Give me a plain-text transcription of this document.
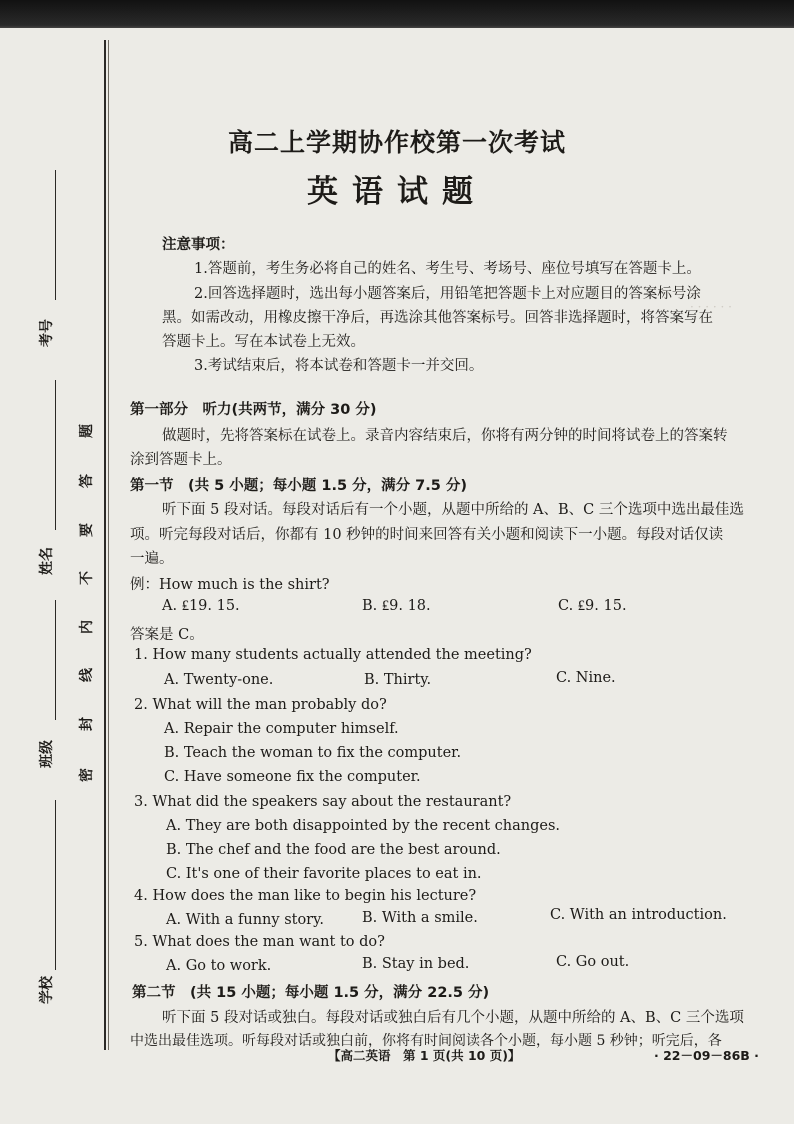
· · · · · ·
考号
姓名
班级
学校
密
封
线
内
不
要
答
题
高二上学期协作校第一次考试
英语试题
注意事项：
1.答题前，考生务必将自己的姓名、考生号、考场号、座位号填写在答题卡上。
2.回答选择题时，选出每小题答案后，用铅笔把答题卡上对应题目的答案标号涂
黑。如需改动，用橡皮擦干净后，再选涂其他答案标号。回答非选择题时，将答案写在
答题卡上。写在本试卷上无效。
3.考试结束后，将本试卷和答题卡一并交回。
第一部分　听力(共两节，满分 30 分)
做题时，先将答案标在试卷上。录音内容结束后，你将有两分钟的时间将试卷上的答案转
涂到答题卡上。
第一节　(共 5 小题；每小题 1.5 分，满分 7.5 分)
听下面 5 段对话。每段对话后有一个小题，从题中所给的 A、B、C 三个选项中选出最佳选
项。听完每段对话后，你都有 10 秒钟的时间来回答有关小题和阅读下一小题。每段对话仅读
一遍。
例：How much is the shirt?
A. ₤19. 15.	B. ₤9. 18.	C. ₤9. 15.
答案是 C。
1. How many students actually attended the meeting?
A. Twenty-one.	B. Thirty.	C. Nine.
2. What will the man probably do?
A. Repair the computer himself.
B. Teach the woman to fix the computer.
C. Have someone fix the computer.
3. What did the speakers say about the restaurant?
A. They are both disappointed by the recent changes.
B. The chef and the food are the best around.
C. It's one of their favorite places to eat in.
4. How does the man like to begin his lecture?
A. With a funny story.	B. With a smile.	C. With an introduction.
5. What does the man want to do?
A. Go to work.	B. Stay in bed.	C. Go out.
第二节　(共 15 小题；每小题 1.5 分，满分 22.5 分)
听下面 5 段对话或独白。每段对话或独白后有几个小题，从题中所给的 A、B、C 三个选项
中选出最佳选项。听每段对话或独白前，你将有时间阅读各个小题，每小题 5 秒钟；听完后，各
【高二英语　第 1 页(共 10 页)】	· 22－09－86B ·
